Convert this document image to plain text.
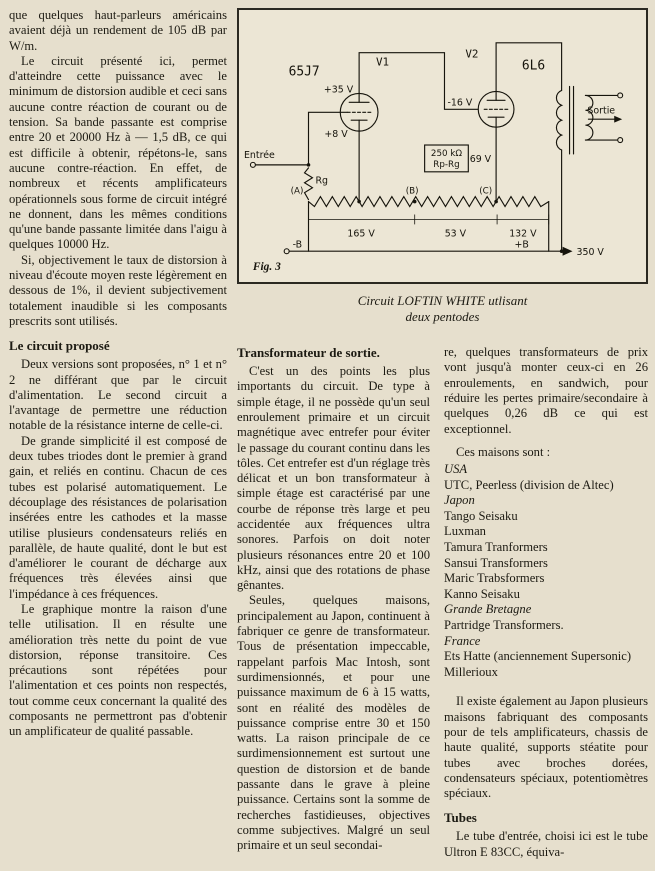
que quelques haut-parleurs américains avaient déjà un rendement de 105 dB par W/m.

Le circuit présenté ici, permet d'atteindre cette puissance avec le minimum de distorsion audible et ceci sans aucune contre réaction de courant ou de tension. Sa bande passante est comprise entre 20 et 20000 Hz à — 1,5 dB, ce qui est difficile à obtenir, répétons-le, sans aucune contre-réaction. En effet, de nombreux et récents amplificateurs opérationnels sous forme de circuit intégré ne donnent, dans les mêmes conditions qu'une bande passante limitée dans l'aigu à quelques 10000 Hz.

Si, objectivement le taux de distorsion à niveau d'écoute moyen reste légèrement en dessous de 1%, il devient subjectivement totalement inaudible si les composants prescrits sont utilisés.

Le circuit proposé

Deux versions sont proposées, n° 1 et n° 2 ne différant que par le circuit d'alimentation. Le second circuit a l'avantage de permettre une réduction notable de la résistance interne de celle-ci.

De grande simplicité il est composé de deux tubes triodes dont le premier à grand gain, et reliés en continu. Chacun de ces tubes est polarisé automatiquement. Le découplage des résistances de polarisation insérées entre les cathodes et la masse utilise plusieurs condensateurs reliés en parallèle, de haute qualité, dont le but est d'améliorer le courant de décharge aux fréquences très élevées ainsi que l'impédance à ces fréquences.

Le graphique montre la raison d'une telle utilisation. Il en résulte une amélioration très nette du point de vue distorsion, réponse transitoire. Ces précautions sont répétées pour l'alimentation et ces points non respectés, tout comme ceux concernant la qualité des composants ne permettront pas d'obtenir un amplificateur de qualité passable.

65J7
V1	6L6
V2
+35 V
-16 V
+8 V
69 V
250 kΩ
Rp-Rg
Entrée
Rg
Sortie
(A)	(B)	(C)
165 V	53 V	132 V
-B	+B
350 V
Fig. 3
Circuit LOFTIN WHITE utlisant
deux pentodes
Transformateur de sortie.

C'est un des points les plus importants du circuit. De type à simple étage, il ne possède qu'un seul enroulement primaire et un circuit magnétique avec entrefer pour éviter le passage du courant continu dans les tôles. Cet entrefer est d'un réglage très délicat et un bon transformateur à simple étage est caractérisé par une courbe de réponse très large et peu accidentée aux fréquences ultra sonores. Parfois on doit noter plusieurs résonances entre 20 et 100 kHz, ainsi que des rotations de phase gênantes.

Seules, quelques maisons, principalement au Japon, continuent à fabriquer ce genre de transformateur. Tous de présentation impeccable, rappelant parfois Mac Intosh, sont surdimensionnés, et pour une puissance maximum de 6 à 15 watts, sont en réalité des modèles de puissance comprise entre 30 et 150 watts. La raison principale de ce surdimensionnement est surtout une question de distorsion et de bande passante dans le grave à pleine puissance. Certains sont la somme de recherches fastidieuses, objectives comme subjectives. Malgré un seul primaire et un seul secondai-

re, quelques transformateurs de prix vont jusqu'à monter ceux-ci en 26 enroulements, en sandwich, pour réduire les pertes primaire/secondaire à quelques 0,26 dB ce qui est exceptionnel.

Ces maisons sont :

USA
UTC, Peerless (division de Altec)
Japon
Tango Seisaku
Luxman
Tamura Tranformers
Sansui Transformers
Maric Trabsformers
Kanno Seisaku
Grande Bretagne
Partridge Transformers.
France
Ets Hatte (anciennement Supersonic)
Millerioux

Il existe également au Japon plusieurs maisons fabriquant des composants pour de tels amplificateurs, chassis de haute qualité, supports stéatite pour tubes avec broches dorées, condensateurs spéciaux, potentiomètres spéciaux.

Tubes

Le tube d'entrée, choisi ici est le tube Ultron E 83CC, équiva-
